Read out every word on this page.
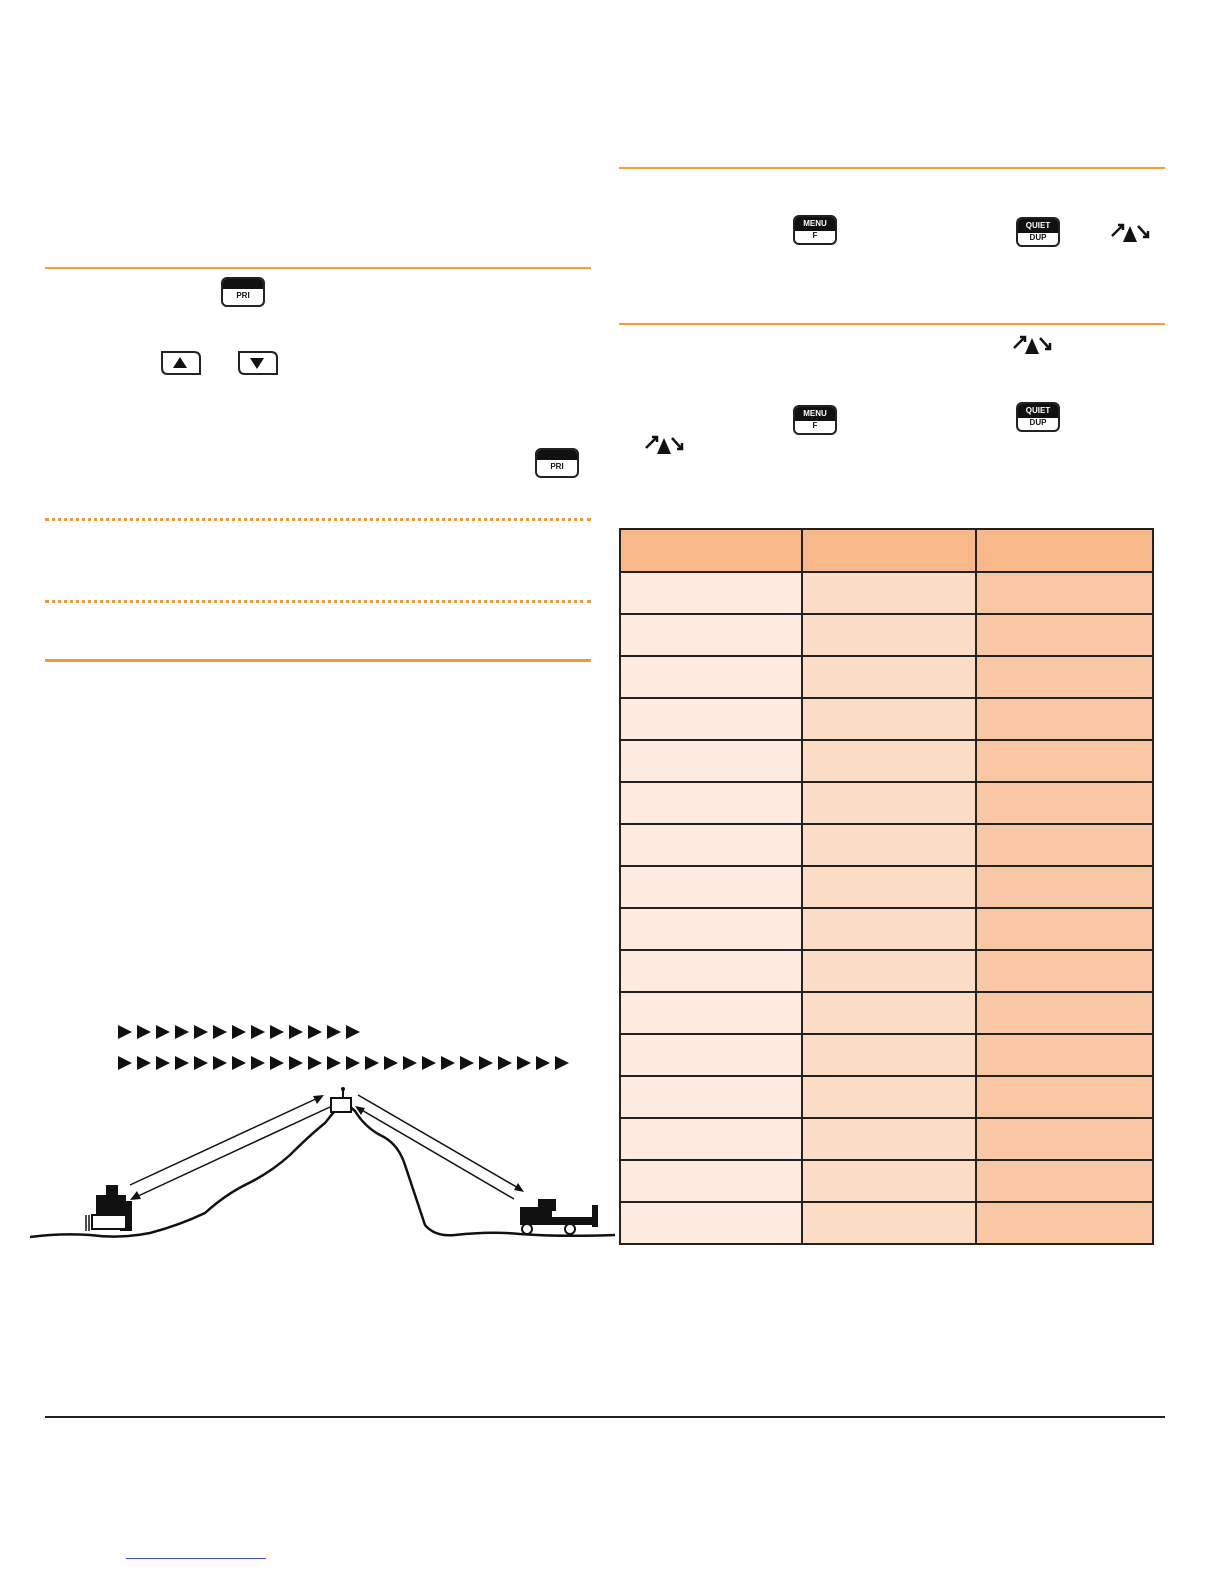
PRI
PRI
MENU
F
MENU
F
QUIET
DUP
QUIET
DUP
